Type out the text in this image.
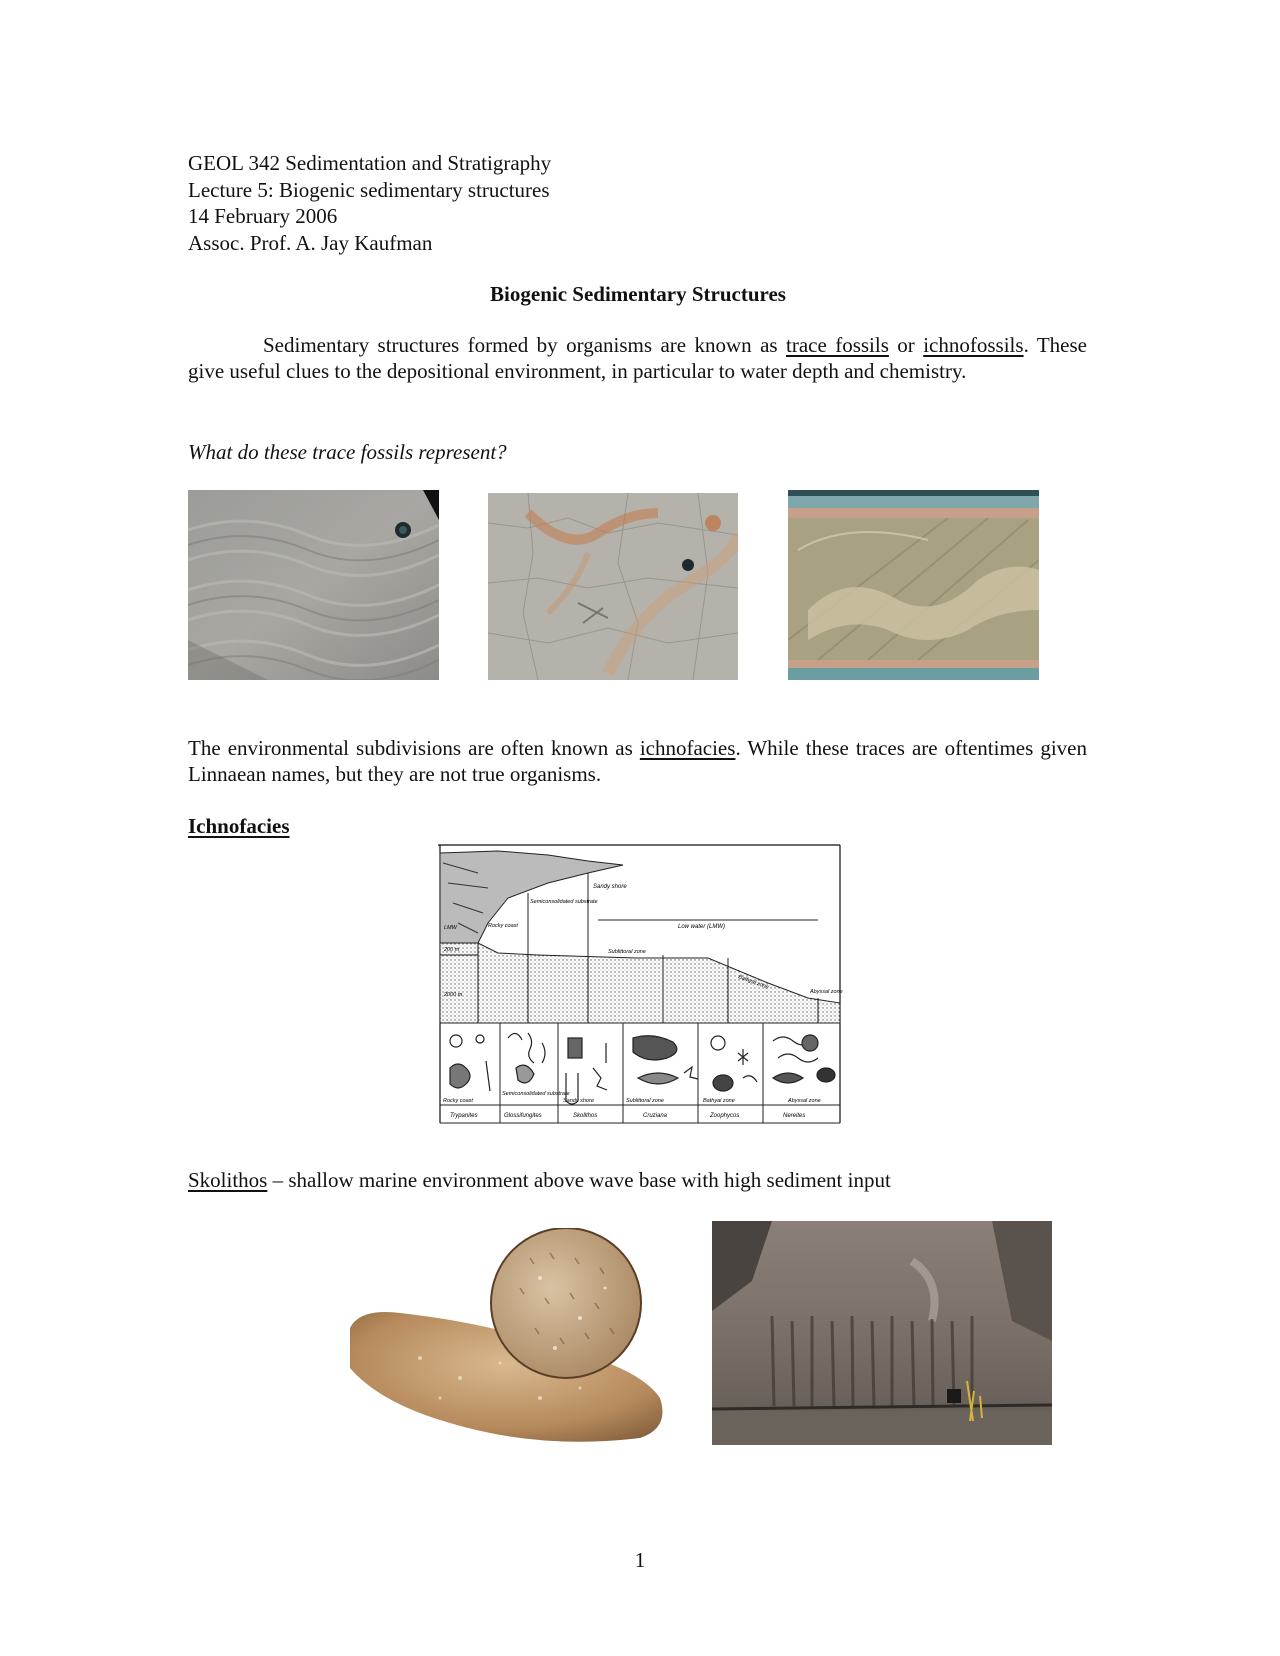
GEOL 342 Sedimentation and Stratigraphy
Lecture 5: Biogenic sedimentary structures
14 February 2006
Assoc. Prof. A. Jay Kaufman
Biogenic Sedimentary Structures
Sedimentary structures formed by organisms are known as trace fossils or ichnofossils. These give useful clues to the depositional environment, in particular to water depth and chemistry.
What do these trace fossils represent?
The environmental subdivisions are often known as ichnofacies. While these traces are oftentimes given Linnaean names, but they are not true organisms.
Ichnofacies
Sandy shore
Semiconsolidated substrate
Rocky coast	Low water (LMW)
Sublittoral zone
Bathyal zone
Abyssal zone
LMW
200 m
2000 m
Rocky coast
Semiconsolidated substrate
Sandy shore	Sublittoral zone	Bathyal zone	Abyssal zone
Trypanites	Glossifungites	Skolithos	Cruziana	Zoophycos	Nereites
Skolithos – shallow marine environment above wave base with high sediment input
1
